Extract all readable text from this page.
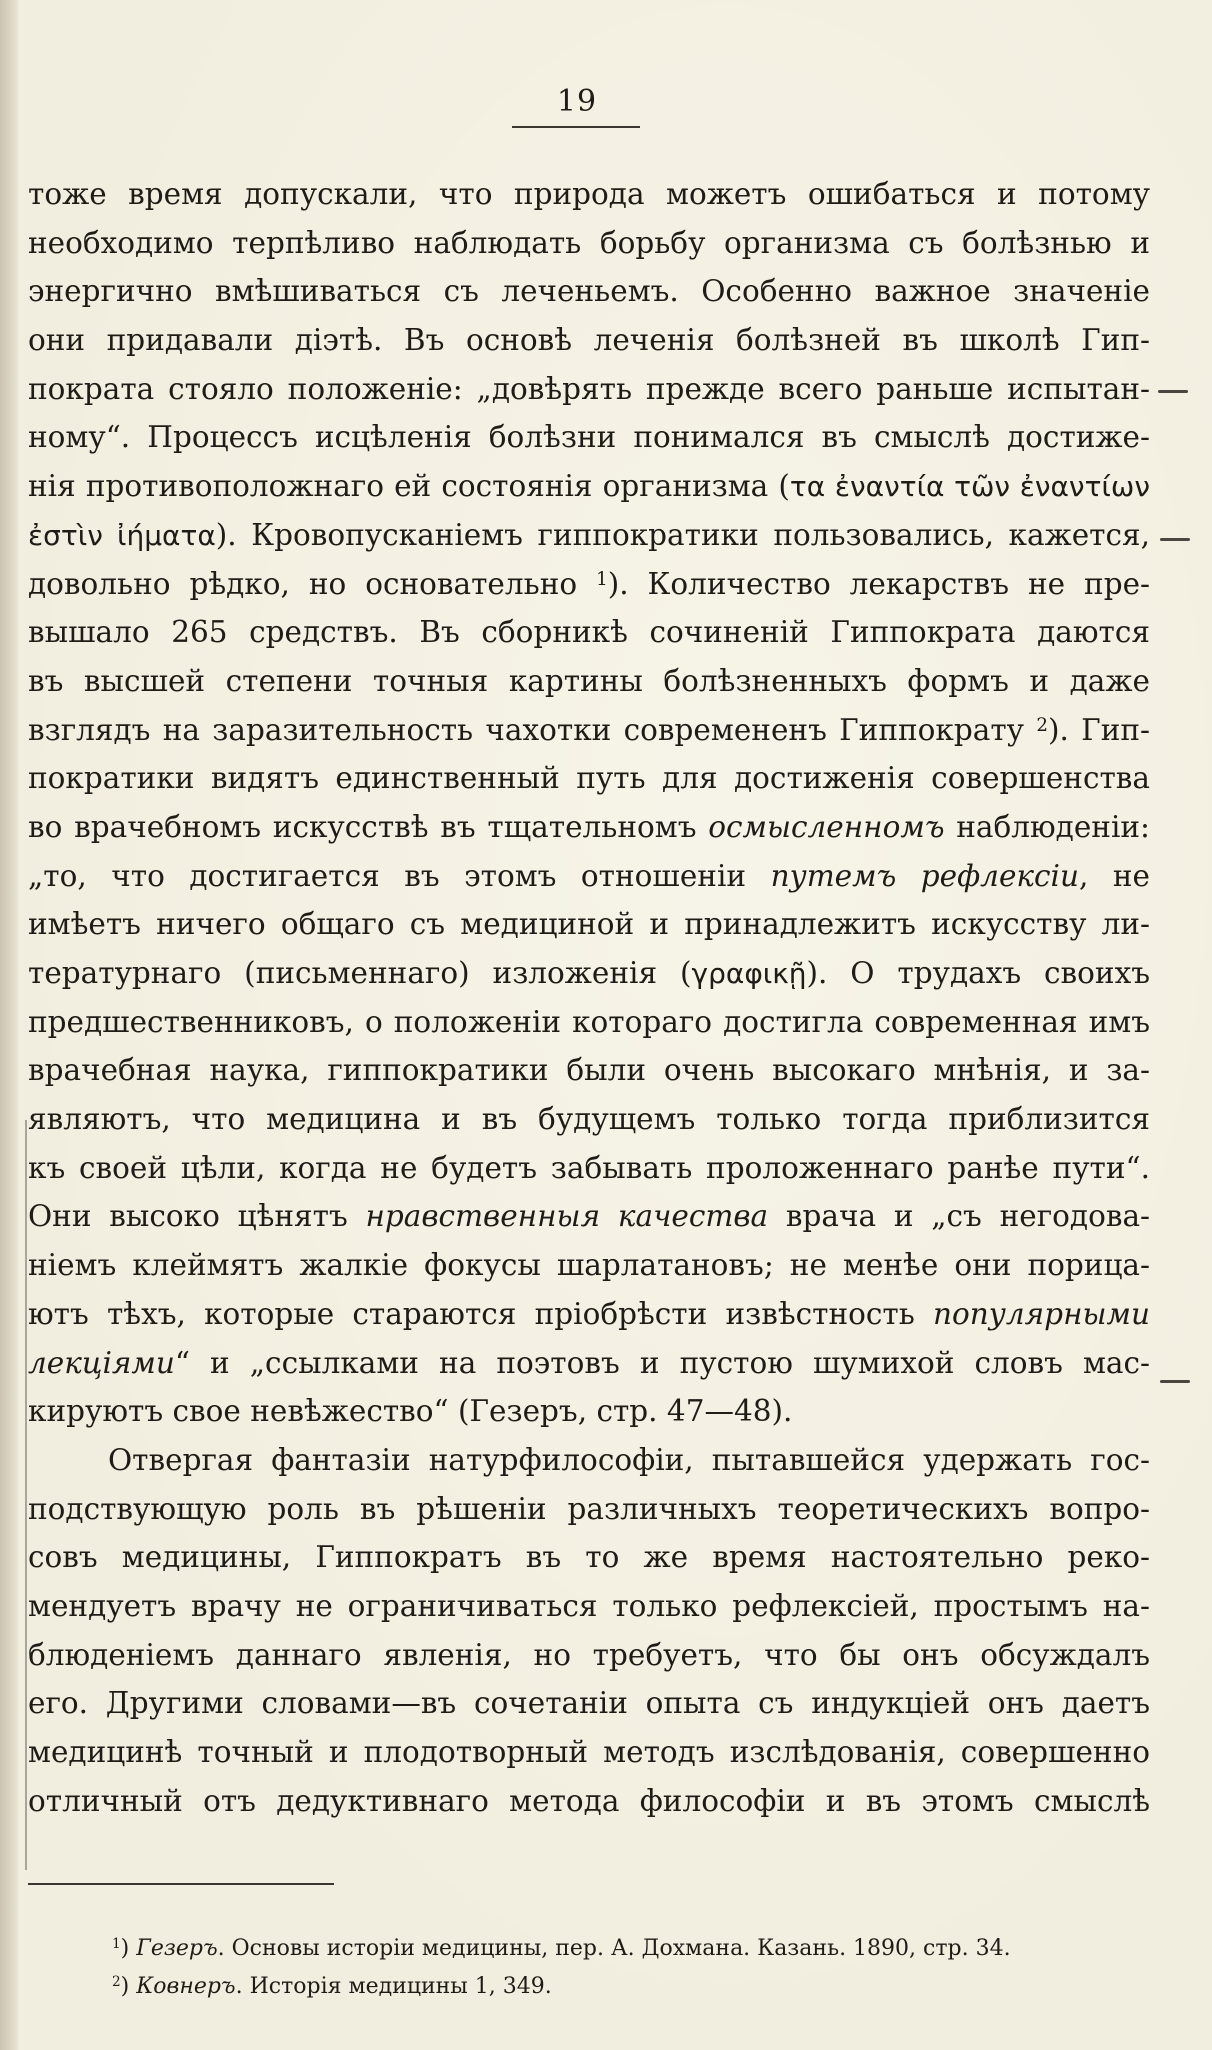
19
тоже время допускали, что природа можетъ ошибаться и потому
необходимо терпѣливо наблюдать борьбу организма съ болѣзнью и
энергично вмѣшиваться съ леченьемъ. Особенно важное значеніе
они придавали діэтѣ. Въ основѣ леченія болѣзней въ школѣ Гип-
пократа стояло положеніе: „довѣрять прежде всего раньше испытан-
ному“. Процессъ исцѣленія болѣзни понимался въ смыслѣ достиже-
нія противоположнаго ей состоянія организма (τα ἐναντία τῶν ἐναντίων
ἐστὶν ἰήματα). Кровопусканіемъ гиппократики пользовались, кажется,
довольно рѣдко, но основательно $^1$). Количество лекарствъ не пре-
вышало 265 средствъ. Въ сборникѣ сочиненій Гиппократа даются
въ высшей степени точныя картины болѣзненныхъ формъ и даже
взглядъ на заразительность чахотки современенъ Гиппократу $^2$). Гип-
пократики видятъ единственный путь для достиженія совершенства
во врачебномъ искусствѣ въ тщательномъ осмысленномъ наблюденіи:
„то, что достигается въ этомъ отношеніи путемъ рефлексіи, не
имѣетъ ничего общаго съ медициной и принадлежитъ искусству ли-
тературнаго (письменнаго) изложенія (γραφικῇ). О трудахъ своихъ
предшественниковъ, о положеніи котораго достигла современная имъ
врачебная наука, гиппократики были очень высокаго мнѣнія, и за-
являютъ, что медицина и въ будущемъ только тогда приблизится
къ своей цѣли, когда не будетъ забывать проложеннаго ранѣе пути“.
Они высоко цѣнятъ нравственныя качества врача и „съ негодова-
ніемъ клеймятъ жалкіе фокусы шарлатановъ; не менѣе они порица-
ютъ тѣхъ, которые стараются пріобрѣсти извѣстность популярными
лекціями“ и „ссылками на поэтовъ и пустою шумихой словъ мас-
кируютъ свое невѣжество“ (Гезеръ, стр. 47—48).
Отвергая фантазіи натурфилософіи, пытавшейся удержать гос-
подствующую роль въ рѣшеніи различныхъ теоретическихъ вопро-
совъ медицины, Гиппократъ въ то же время настоятельно реко-
мендуетъ врачу не ограничиваться только рефлексіей, простымъ на-
блюденіемъ даннаго явленія, но требуетъ, что бы онъ обсуждалъ
его. Другими словами—въ сочетаніи опыта съ индукціей онъ даетъ
медицинѣ точный и плодотворный методъ изслѣдованія, совершенно
отличный отъ дедуктивнаго метода философіи и въ этомъ смыслѣ
$^1$) Гезеръ. Основы исторіи медицины, пер. А. Дохмана. Казань. 1890, стр. 34.
$^2$) Ковнеръ. Исторія медицины 1, 349.
